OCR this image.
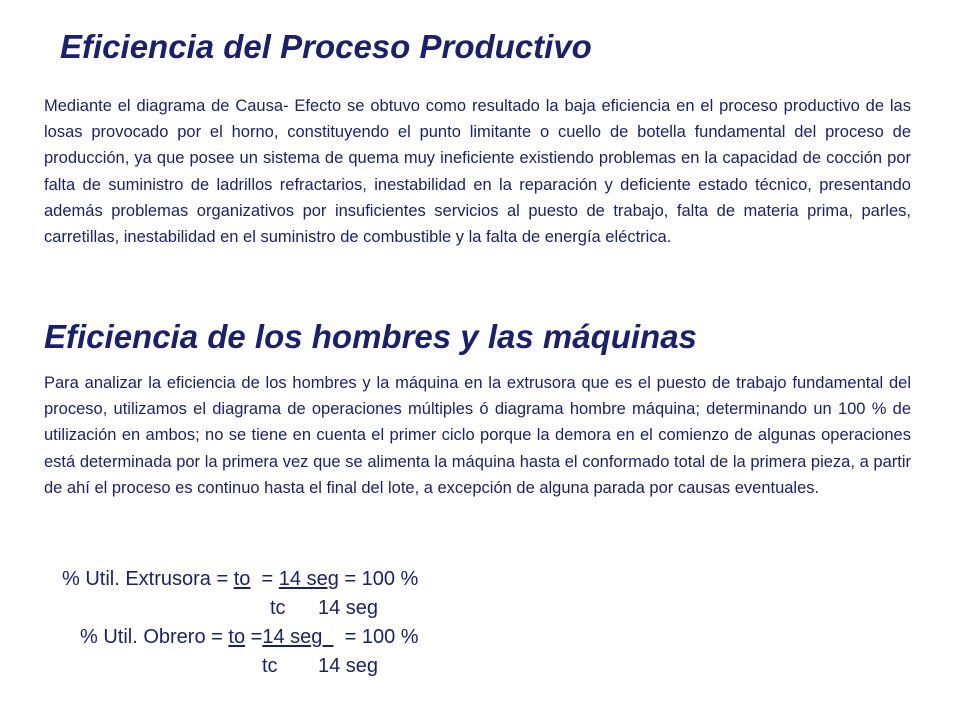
Eficiencia del Proceso Productivo

Mediante el diagrama de Causa- Efecto se obtuvo como resultado la baja eficiencia en el proceso productivo de las losas provocado por el horno, constituyendo el punto limitante o cuello de botella fundamental del proceso de producción, ya que posee un sistema de quema muy ineficiente existiendo problemas en la capacidad de cocción por falta de suministro de ladrillos refractarios, inestabilidad en la reparación y deficiente estado técnico, presentando además problemas organizativos por insuficientes servicios al puesto de trabajo, falta de materia prima, parles, carretillas, inestabilidad en el suministro de combustible y la falta de energía eléctrica.

Eficiencia de los hombres y las máquinas

Para analizar la eficiencia de los hombres y la máquina en la extrusora que es el puesto de trabajo fundamental del proceso, utilizamos el diagrama de operaciones múltiples ó diagrama hombre máquina; determinando un 100 % de utilización en ambos; no se tiene en cuenta el primer ciclo porque la demora en el comienzo de algunas operaciones está determinada por la primera vez que se alimenta la máquina hasta el conformado total de la primera pieza, a partir de ahí el proceso es continuo hasta el final del lote, a excepción de alguna parada por causas eventuales.

% Util. Extrusora = to  = 14 seg = 100 %
tc 14 seg
% Util. Obrero = to =14 seg    = 100 %
tc 14 seg
